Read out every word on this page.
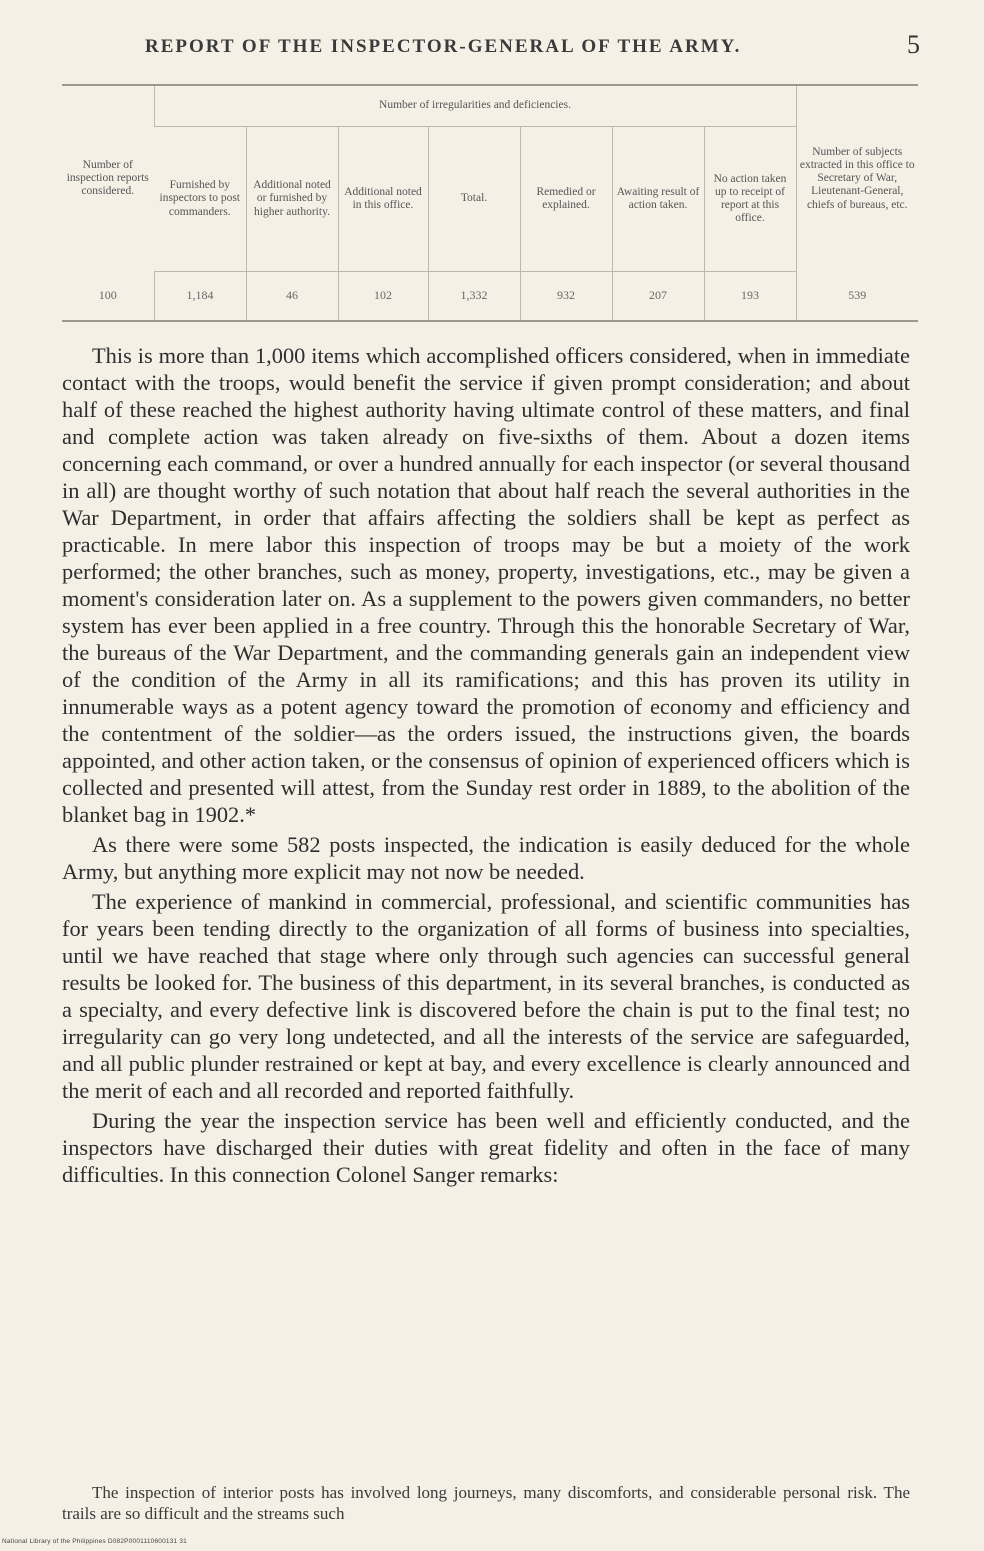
REPORT OF THE INSPECTOR-GENERAL OF THE ARMY.	5
Number of inspection reports considered.	Number of irregularities and deficiencies.							Number of subjects extracted in this office to Secretary of War, Lieutenant-General, chiefs of bureaus, etc.
	Furnished by inspectors to post commanders.	Additional noted or furnished by higher authority.	Additional noted in this office.	Total.	Remedied or explained.	Awaiting result of action taken.	No action taken up to receipt of report at this office.	
100	1,184	46	102	1,332	932	207	193	539

This is more than 1,000 items which accomplished officers considered, when in immediate contact with the troops, would benefit the service if given prompt consideration; and about half of these reached the highest authority having ultimate control of these matters, and final and complete action was taken already on five-sixths of them. About a dozen items concerning each command, or over a hundred annually for each inspector (or several thousand in all) are thought worthy of such notation that about half reach the several authorities in the War Department, in order that affairs affecting the soldiers shall be kept as perfect as practicable. In mere labor this inspection of troops may be but a moiety of the work performed; the other branches, such as money, property, investigations, etc., may be given a moment's consideration later on. As a supplement to the powers given commanders, no better system has ever been applied in a free country. Through this the honorable Secretary of War, the bureaus of the War Department, and the commanding generals gain an independent view of the condition of the Army in all its ramifications; and this has proven its utility in innumerable ways as a potent agency toward the promotion of economy and efficiency and the contentment of the soldier—as the orders issued, the instructions given, the boards appointed, and other action taken, or the consensus of opinion of experienced officers which is collected and presented will attest, from the Sunday rest order in 1889, to the abolition of the blanket bag in 1902.*

As there were some 582 posts inspected, the indication is easily deduced for the whole Army, but anything more explicit may not now be needed.

The experience of mankind in commercial, professional, and scientific communities has for years been tending directly to the organization of all forms of business into specialties, until we have reached that stage where only through such agencies can successful general results be looked for. The business of this department, in its several branches, is conducted as a specialty, and every defective link is discovered before the chain is put to the final test; no irregularity can go very long undetected, and all the interests of the service are safeguarded, and all public plunder restrained or kept at bay, and every excellence is clearly announced and the merit of each and all recorded and reported faithfully.

During the year the inspection service has been well and efficiently conducted, and the inspectors have discharged their duties with great fidelity and often in the face of many difficulties. In this connection Colonel Sanger remarks:

The inspection of interior posts has involved long journeys, many discomforts, and considerable personal risk. The trails are so difficult and the streams such

National Library of the Philippines D082P0001110600131 31
